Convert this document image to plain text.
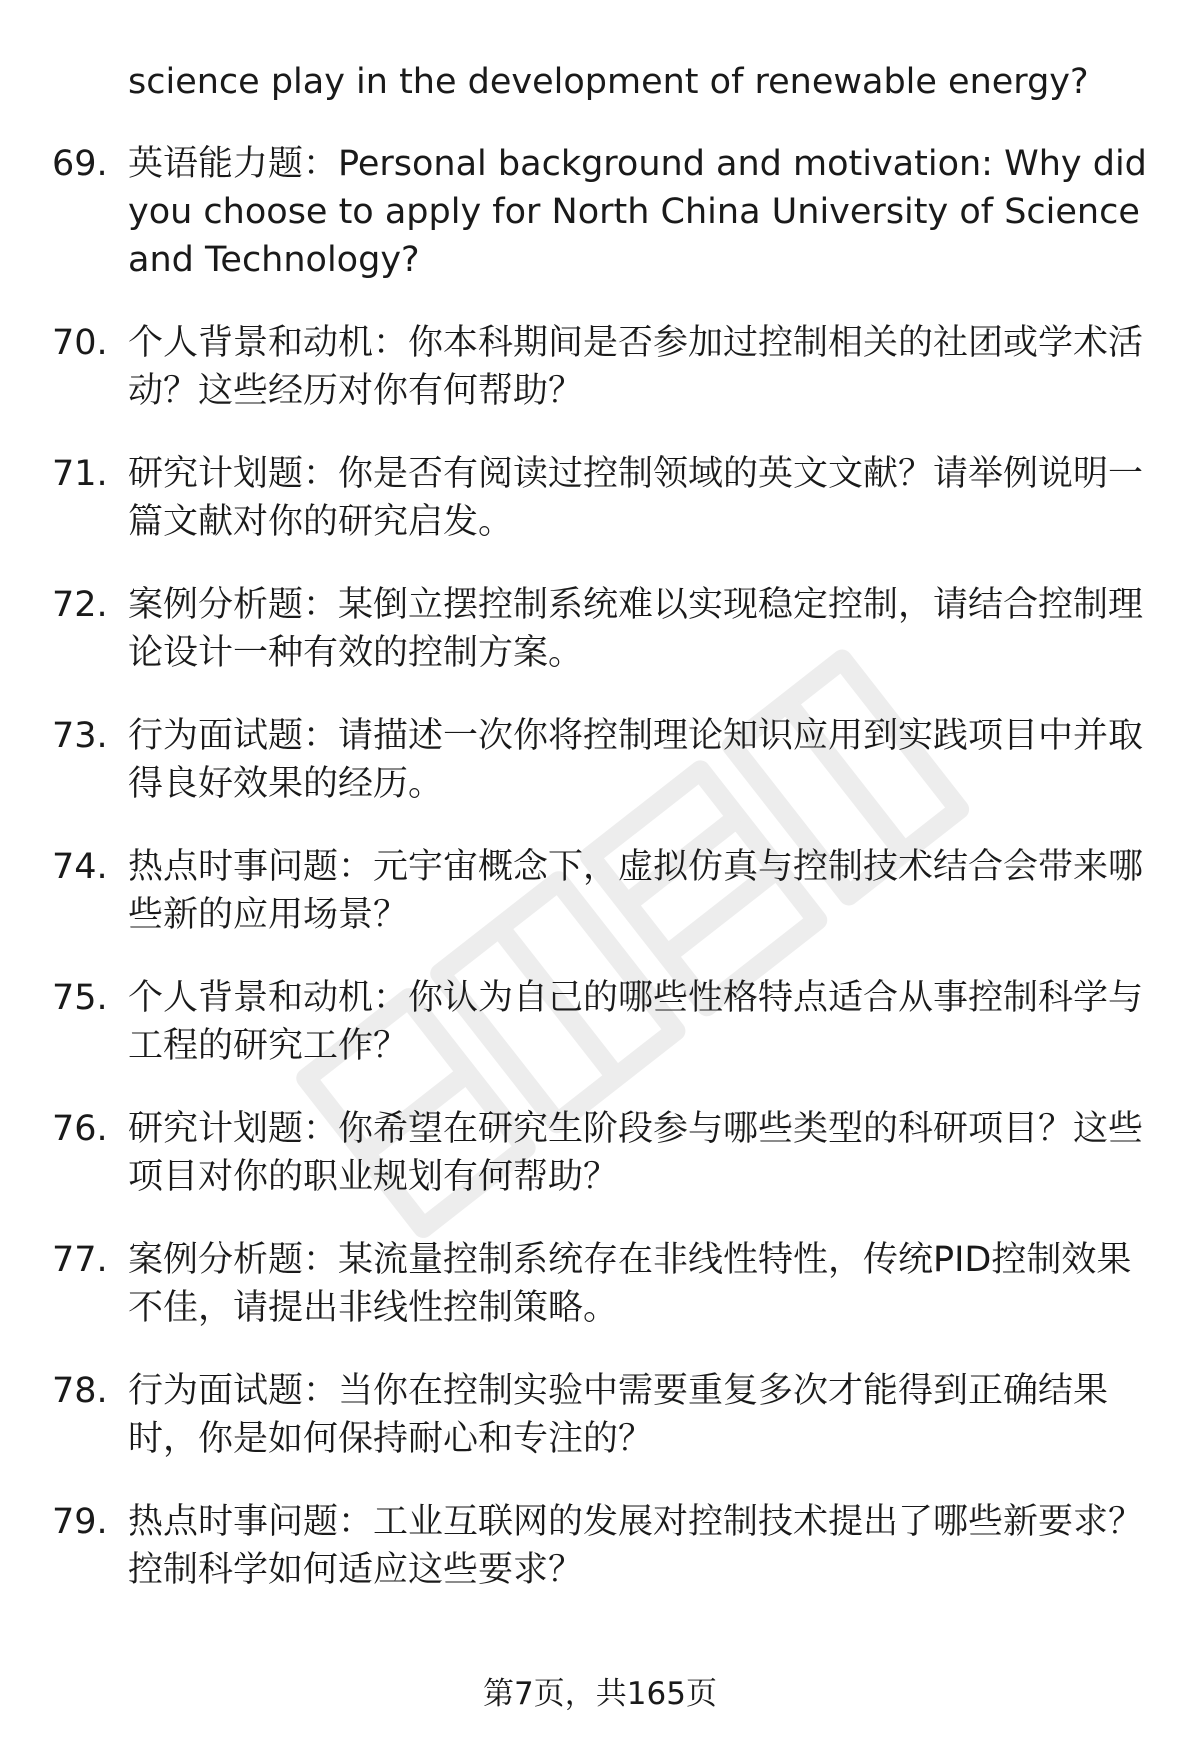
science play in the development of renewable energy?

69. 英语能力题：Personal background and motivation: Why did you choose to apply for North China University of Science and Technology?
70. 个人背景和动机：你本科期间是否参加过控制相关的社团或学术活动？这些经历对你有何帮助？
71. 研究计划题：你是否有阅读过控制领域的英文文献？请举例说明一篇文献对你的研究启发。
72. 案例分析题：某倒立摆控制系统难以实现稳定控制，请结合控制理论设计一种有效的控制方案。
73. 行为面试题：请描述一次你将控制理论知识应用到实践项目中并取得良好效果的经历。
74. 热点时事问题：元宇宙概念下，虚拟仿真与控制技术结合会带来哪些新的应用场景？
75. 个人背景和动机：你认为自己的哪些性格特点适合从事控制科学与工程的研究工作？
76. 研究计划题：你希望在研究生阶段参与哪些类型的科研项目？这些项目对你的职业规划有何帮助？
77. 案例分析题：某流量控制系统存在非线性特性，传统PID控制效果不佳，请提出非线性控制策略。
78. 行为面试题：当你在控制实验中需要重复多次才能得到正确结果时，你是如何保持耐心和专注的？
79. 热点时事问题：工业互联网的发展对控制技术提出了哪些新要求？控制科学如何适应这些要求？
第7页，共165页
